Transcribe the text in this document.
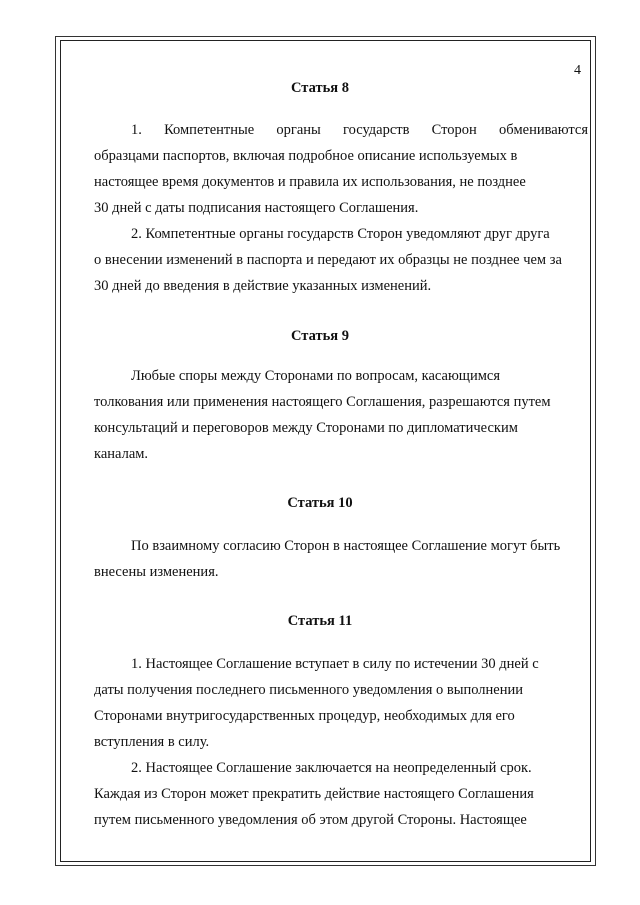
4
Статья 8
1. Компетентные органы государств Сторон обмениваются
образцами паспортов, включая подробное описание используемых в
настоящее время документов и правила их использования, не позднее
30 дней с даты подписания настоящего Соглашения.
2. Компетентные органы государств Сторон уведомляют друг друга
о внесении изменений в паспорта и передают их образцы не позднее чем за
30 дней до введения в действие указанных изменений.
Статья 9
Любые споры между Сторонами по вопросам, касающимся
толкования или применения настоящего Соглашения, разрешаются путем
консультаций и переговоров между Сторонами по дипломатическим
каналам.
Статья 10
По взаимному согласию Сторон в настоящее Соглашение могут быть
внесены изменения.
Статья 11
1. Настоящее Соглашение вступает в силу по истечении 30 дней с
даты получения последнего письменного уведомления о выполнении
Сторонами внутригосударственных процедур, необходимых для его
вступления в силу.
2. Настоящее Соглашение заключается на неопределенный срок.
Каждая из Сторон может прекратить действие настоящего Соглашения
путем письменного уведомления об этом другой Стороны. Настоящее
